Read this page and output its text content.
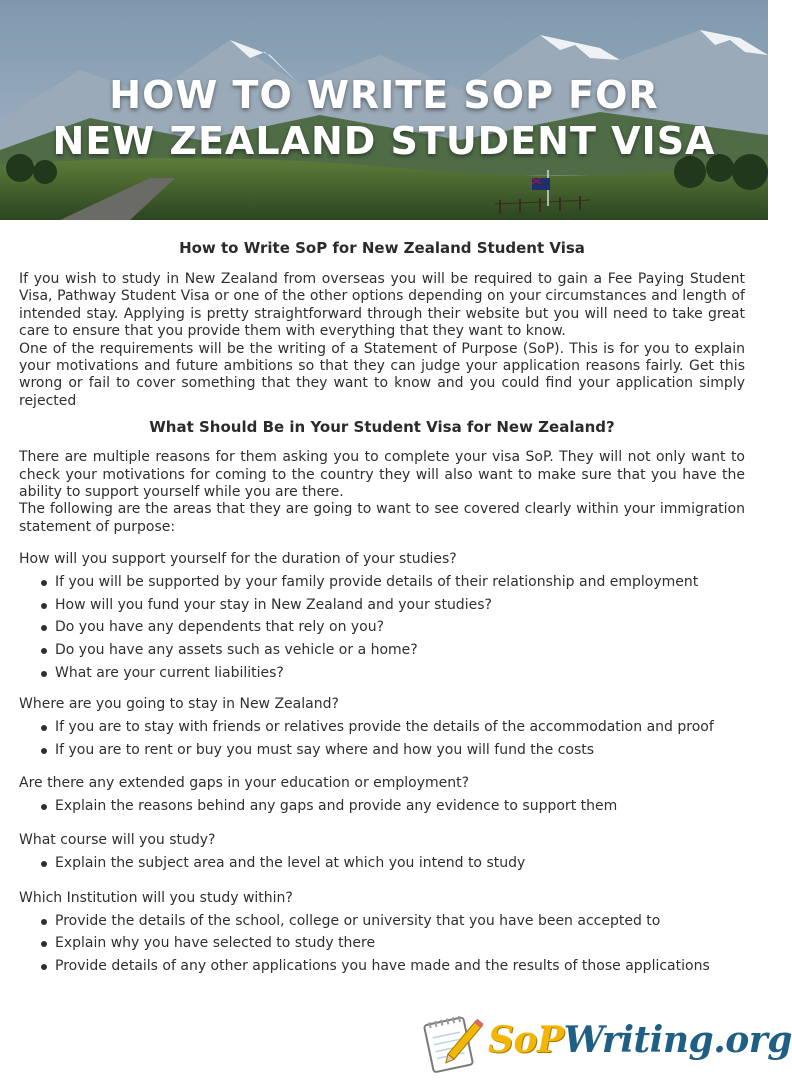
HOW TO WRITE SOP FOR
NEW ZEALAND STUDENT VISA
How to Write SoP for New Zealand Student Visa
If you wish to study in New Zealand from overseas you will be required to gain a Fee Paying Student Visa, Pathway Student Visa or one of the other options depending on your circumstances and length of intended stay. Applying is pretty straightforward through their website but you will need to take great care to ensure that you provide them with everything that they want to know.
One of the requirements will be the writing of a Statement of Purpose (SoP). This is for you to explain your motivations and future ambitions so that they can judge your application reasons fairly. Get this wrong or fail to cover something that they want to know and you could find your application simply rejected
What Should Be in Your Student Visa for New Zealand?
There are multiple reasons for them asking you to complete your visa SoP. They will not only want to check your motivations for coming to the country they will also want to make sure that you have the ability to support yourself while you are there.
The following are the areas that they are going to want to see covered clearly within your immigration statement of purpose:
How will you support yourself for the duration of your studies?
If you will be supported by your family provide details of their relationship and employment
How will you fund your stay in New Zealand and your studies?
Do you have any dependents that rely on you?
Do you have any assets such as vehicle or a home?
What are your current liabilities?
Where are you going to stay in New Zealand?
If you are to stay with friends or relatives provide the details of the accommodation and proof
If you are to rent or buy you must say where and how you will fund the costs
Are there any extended gaps in your education or employment?
Explain the reasons behind any gaps and provide any evidence to support them
What course will you study?
Explain the subject area and the level at which you intend to study
Which Institution will you study within?
Provide the details of the school, college or university that you have been accepted to
Explain why you have selected to study there
Provide details of any other applications you have made and the results of those applications
SoPWriting.org
